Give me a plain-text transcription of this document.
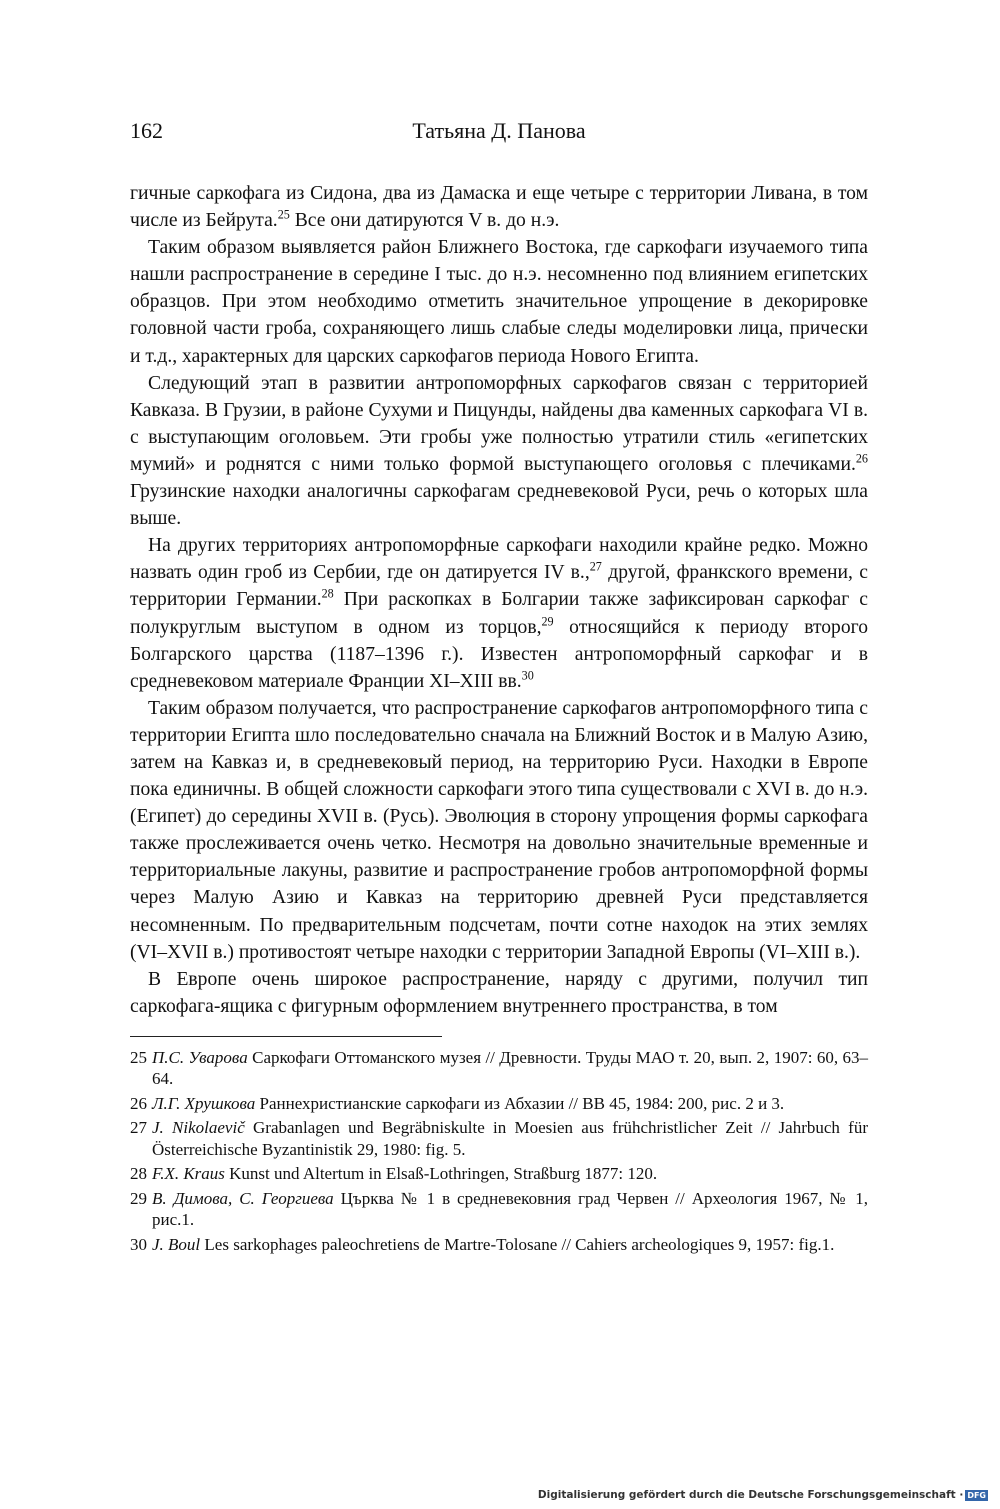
162	Татьяна Д. Панова

гичные саркофага из Сидона, два из Дамаска и еще четыре с территории Ливана, в том числе из Бейрута.$^{25}$ Все они датируются V в. до н.э.

Таким образом выявляется район Ближнего Востока, где саркофаги изучаемого типа нашли распространение в середине I тыс. до н.э. несомненно под влиянием египетских образцов. При этом необходимо отметить значительное упрощение в декорировке головной части гроба, сохраняющего лишь слабые следы моделировки лица, прически и т.д., характерных для царских саркофагов периода Нового Египта.

Следующий этап в развитии антропоморфных саркофагов связан с территорией Кавказа. В Грузии, в районе Сухуми и Пицунды, найдены два каменных саркофага VI в. с выступающим оголовьем. Эти гробы уже полностью утратили стиль «египетских мумий» и роднятся с ними только формой выступающего оголовья с плечиками.$^{26}$ Грузинские находки аналогичны саркофагам средневековой Руси, речь о которых шла выше.

На других территориях антропоморфные саркофаги находили крайне редко. Можно назвать один гроб из Сербии, где он датируется IV в.,$^{27}$ другой, франкского времени, с территории Германии.$^{28}$ При раскопках в Болгарии также зафиксирован саркофаг с полукруглым выступом в одном из торцов,$^{29}$ относящийся к периоду второго Болгарского царства (1187–1396 г.). Известен антропоморфный саркофаг и в средневековом материале Франции XI–XIII вв.$^{30}$

Таким образом получается, что распространение саркофагов антропоморфного типа с территории Египта шло последовательно сначала на Ближний Восток и в Малую Азию, затем на Кавказ и, в средневековый период, на территорию Руси. Находки в Европе пока единичны. В общей сложности саркофаги этого типа существовали с XVI в. до н.э. (Египет) до середины XVII в. (Русь). Эволюция в сторону упрощения формы саркофага также прослеживается очень четко. Несмотря на довольно значительные временные и территориальные лакуны, развитие и распространение гробов антропоморфной формы через Малую Азию и Кавказ на территорию древней Руси представляется несомненным. По предварительным подсчетам, почти сотне находок на этих землях (VI–XVII в.) противостоят четыре находки с территории Западной Европы (VI–XIII в.).

В Европе очень широкое распространение, наряду с другими, получил тип саркофага-ящика с фигурным оформлением внутреннего пространства, в том

25 П.С. Уварова Саркофаги Оттоманского музея // Древности. Труды МАО т. 20, вып. 2, 1907: 60, 63–64.
26 Л.Г. Хрушкова Раннехристианские саркофаги из Абхазии // ВВ 45, 1984: 200, рис. 2 и 3.
27 J. Nikolaevič Grabanlagen und Begräbniskulte in Moesien aus frühchristlicher Zeit // Jahrbuch für Österreichische Byzantinistik 29, 1980: fig. 5.
28 F.X. Kraus Kunst und Altertum in Elsaß-Lothringen, Straßburg 1877: 120.
29 В. Димова, С. Георгиева Църква № 1 в средневековния град Червен // Археология 1967, № 1, рис.1.
30 J. Boul Les sarkophages paleochretiens de Martre-Tolosane // Cahiers archeologiques 9, 1957: fig.1.
Digitalisierung gefördert durch die Deutsche Forschungsgemeinschaft · DFG
